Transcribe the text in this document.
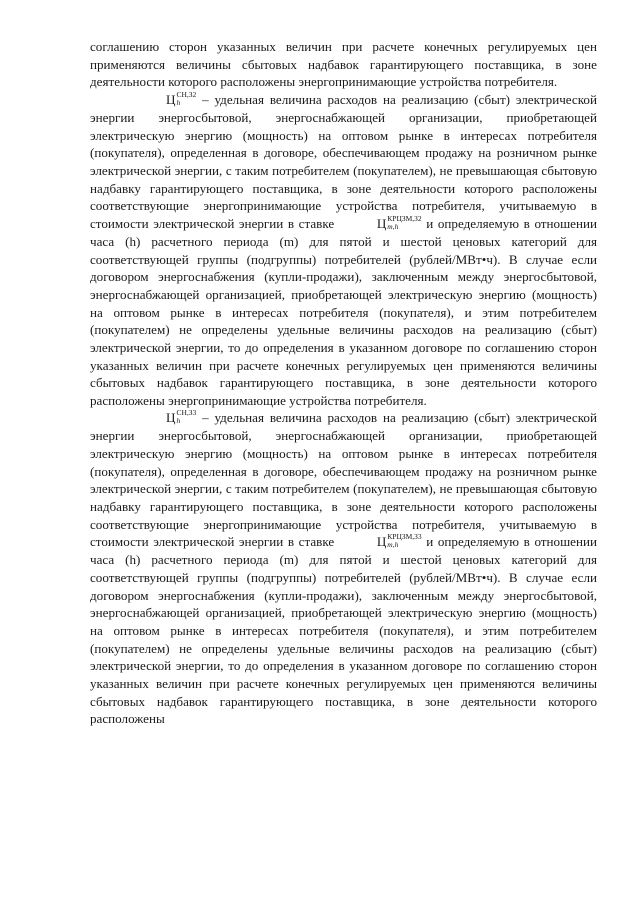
соглашению сторон указанных величин при расчете конечных регулируемых цен применяются величины сбытовых надбавок гарантирующего поставщика, в зоне деятельности которого расположены энергопринимающие устройства потребителя.

Ц СН,З2
h	– удельная величина расходов на реализацию (сбыт) электрической энергии энергосбытовой, энергоснабжающей организации, приобретающей электрическую энергию (мощность) на оптовом рынке в интересах потребителя (покупателя), определенная в договоре, обеспечивающем продажу на розничном рынке электрической энергии, с таким потребителем (покупателем), не превышающая сбытовую надбавку гарантирующего поставщика, в зоне деятельности которого расположены соответствующие энергопринимающие устройства потребителя, учитываемую в стоимости электрической энергии в ставке	Ц КРЦЗМ,З2
m,h	и определяемую в отношении часа (h) расчетного периода (m) для пятой и шестой ценовых категорий для соответствующей группы (подгруппы) потребителей (рублей/МВт•ч). В случае если договором энергоснабжения (купли-продажи), заключенным между энергосбытовой, энергоснабжающей организацией, приобретающей электрическую энергию (мощность) на оптовом рынке в интересах потребителя (покупателя), и этим потребителем (покупателем) не определены удельные величины расходов на реализацию (сбыт) электрической энергии, то до определения в указанном договоре по соглашению сторон указанных величин при расчете конечных регулируемых цен применяются величины сбытовых надбавок гарантирующего поставщика, в зоне деятельности которого расположены энергопринимающие устройства потребителя.

Ц СН,З3
h	– удельная величина расходов на реализацию (сбыт) электрической энергии энергосбытовой, энергоснабжающей организации, приобретающей электрическую энергию (мощность) на оптовом рынке в интересах потребителя (покупателя), определенная в договоре, обеспечивающем продажу на розничном рынке электрической энергии, с таким потребителем (покупателем), не превышающая сбытовую надбавку гарантирующего поставщика, в зоне деятельности которого расположены соответствующие энергопринимающие устройства потребителя, учитываемую в стоимости электрической энергии в ставке	Ц КРЦЗМ,З3
m,h	и определяемую в отношении часа (h) расчетного периода (m) для пятой и шестой ценовых категорий для соответствующей группы (подгруппы) потребителей (рублей/МВт•ч). В случае если договором энергоснабжения (купли-продажи), заключенным между энергосбытовой, энергоснабжающей организацией, приобретающей электрическую энергию (мощность) на оптовом рынке в интересах потребителя (покупателя), и этим потребителем (покупателем) не определены удельные величины расходов на реализацию (сбыт) электрической энергии, то до определения в указанном договоре по соглашению сторон указанных величин при расчете конечных регулируемых цен применяются величины сбытовых надбавок гарантирующего поставщика, в зоне деятельности которого расположены
